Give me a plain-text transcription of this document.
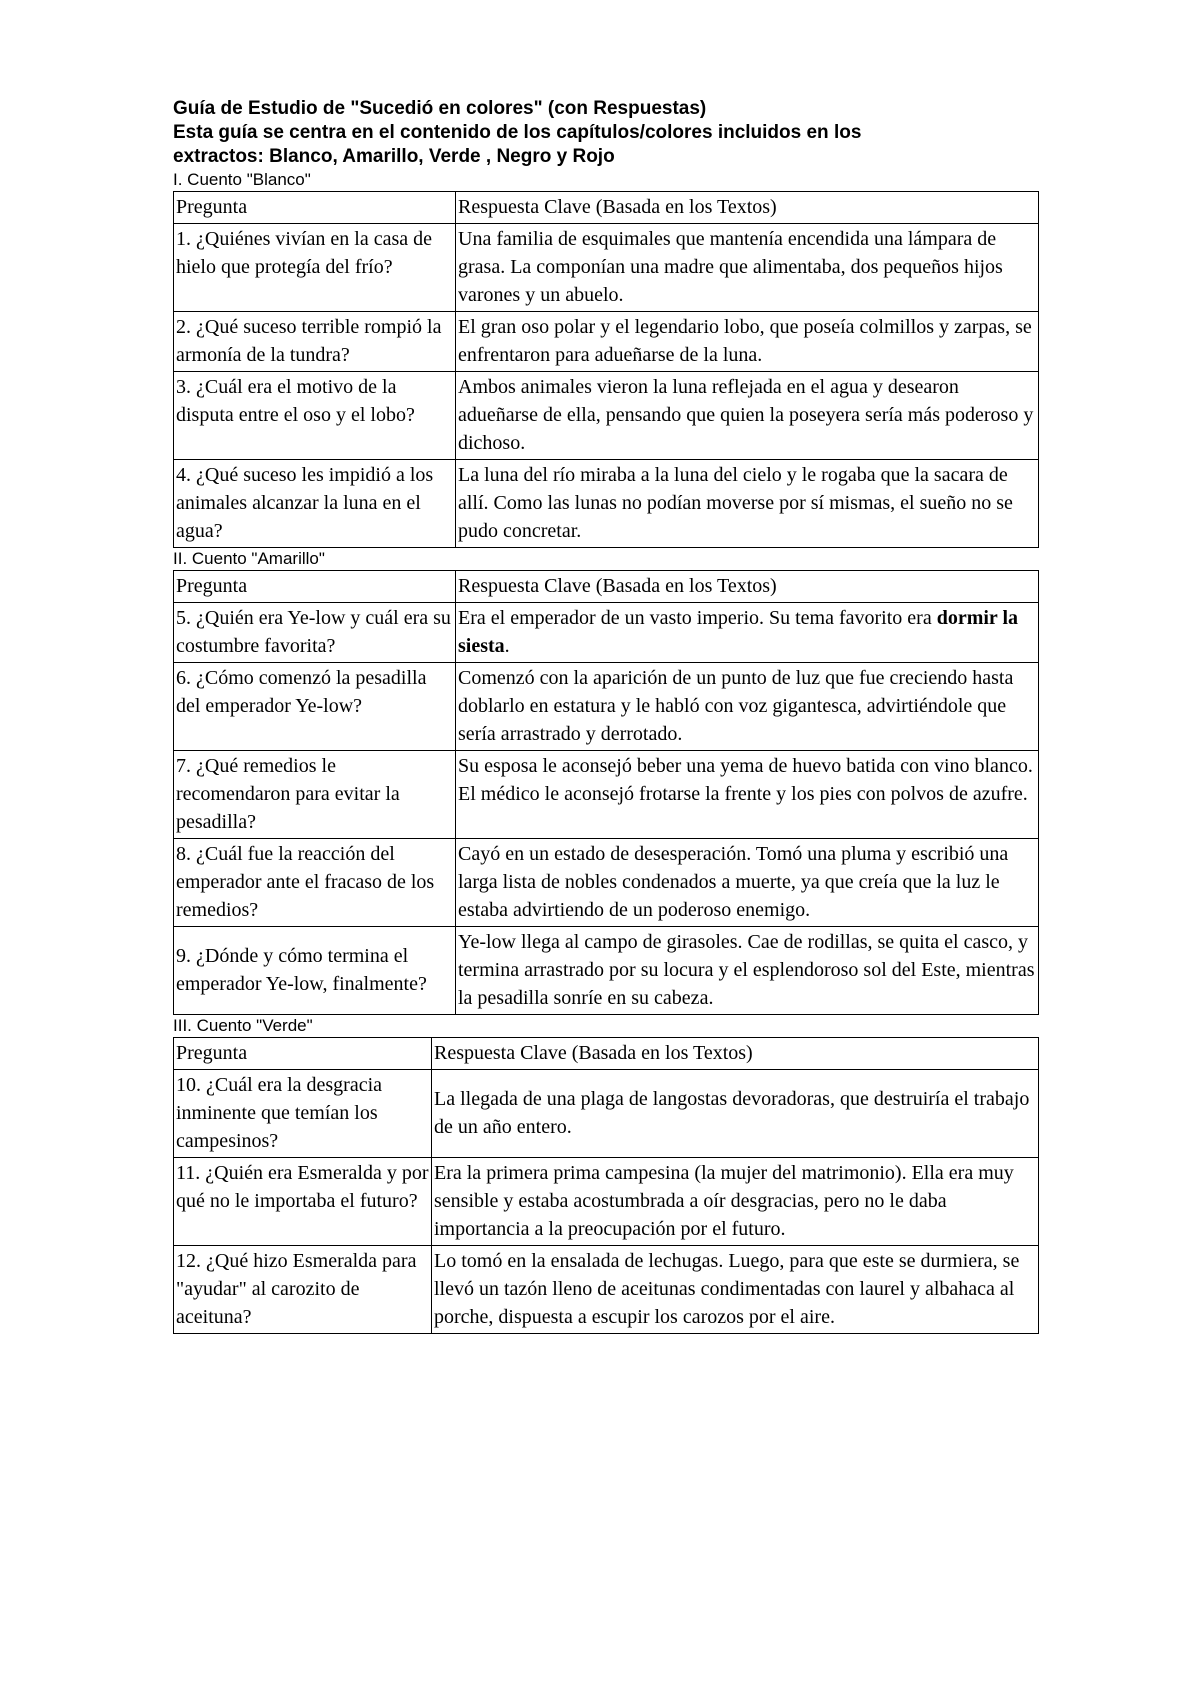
Guía de Estudio de "Sucedió en colores" (con Respuestas)

Esta guía se centra en el contenido de los capítulos/colores incluidos en los

extractos: Blanco, Amarillo, Verde , Negro y Rojo

I. Cuento "Blanco"

Pregunta	Respuesta Clave (Basada en los Textos)
1. ¿Quiénes vivían en la casa de hielo que protegía del frío?	Una familia de esquimales que mantenía encendida una lámpara de grasa. La componían una madre que alimentaba, dos pequeños hijos varones y un abuelo.
2. ¿Qué suceso terrible rompió la armonía de la tundra?	El gran oso polar y el legendario lobo, que poseía colmillos y zarpas, se enfrentaron para adueñarse de la luna.
3. ¿Cuál era el motivo de la disputa entre el oso y el lobo?	Ambos animales vieron la luna reflejada en el agua y desearon adueñarse de ella, pensando que quien la poseyera sería más poderoso y dichoso.
4. ¿Qué suceso les impidió a los animales alcanzar la luna en el agua?	La luna del río miraba a la luna del cielo y le rogaba que la sacara de allí. Como las lunas no podían moverse por sí mismas, el sueño no se pudo concretar.

II. Cuento "Amarillo"

Pregunta	Respuesta Clave (Basada en los Textos)
5. ¿Quién era Ye-low y cuál era su costumbre favorita?	Era el emperador de un vasto imperio. Su tema favorito era dormir la siesta.
6. ¿Cómo comenzó la pesadilla del emperador Ye-low?	Comenzó con la aparición de un punto de luz que fue creciendo hasta doblarlo en estatura y le habló con voz gigantesca, advirtiéndole que sería arrastrado y derrotado.
7. ¿Qué remedios le recomendaron para evitar la pesadilla?	Su esposa le aconsejó beber una yema de huevo batida con vino blanco. El médico le aconsejó frotarse la frente y los pies con polvos de azufre.
8. ¿Cuál fue la reacción del emperador ante el fracaso de los remedios?	Cayó en un estado de desesperación. Tomó una pluma y escribió una larga lista de nobles condenados a muerte, ya que creía que la luz le estaba advirtiendo de un poderoso enemigo.
9. ¿Dónde y cómo termina el emperador Ye-low, finalmente?	Ye-low llega al campo de girasoles. Cae de rodillas, se quita el casco, y termina arrastrado por su locura y el esplendoroso sol del Este, mientras la pesadilla sonríe en su cabeza.

III. Cuento "Verde"

Pregunta	Respuesta Clave (Basada en los Textos)
10. ¿Cuál era la desgracia inminente que temían los campesinos?	La llegada de una plaga de langostas devoradoras, que destruiría el trabajo de un año entero.
11. ¿Quién era Esmeralda y por qué no le importaba el futuro?	Era la primera prima campesina (la mujer del matrimonio). Ella era muy sensible y estaba acostumbrada a oír desgracias, pero no le daba importancia a la preocupación por el futuro.
12. ¿Qué hizo Esmeralda para "ayudar" al carozito de aceituna?	Lo tomó en la ensalada de lechugas. Luego, para que este se durmiera, se llevó un tazón lleno de aceitunas condimentadas con laurel y albahaca al porche, dispuesta a escupir los carozos por el aire.
